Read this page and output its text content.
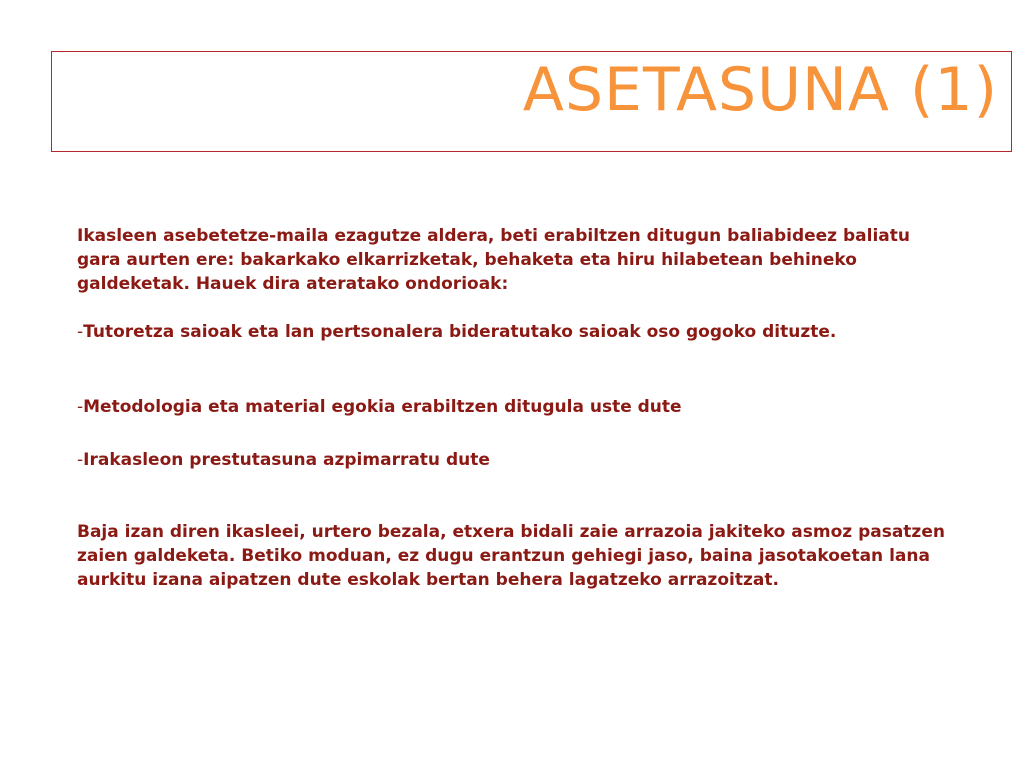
ASETASUNA (1)

Ikasleen asebetetze-maila ezagutze aldera, beti erabiltzen ditugun baliabideez baliatu gara aurten ere: bakarkako elkarrizketak, behaketa eta hiru hilabetean behineko galdeketak. Hauek dira ateratako ondorioak:

-Tutoretza saioak eta lan pertsonalera bideratutako saioak oso gogoko dituzte.

-Metodologia eta material egokia erabiltzen ditugula uste dute

-Irakasleon prestutasuna azpimarratu dute

Baja izan diren ikasleei, urtero bezala, etxera bidali zaie arrazoia jakiteko asmoz pasatzen zaien galdeketa. Betiko moduan, ez dugu erantzun gehiegi jaso, baina jasotakoetan lana aurkitu izana aipatzen dute eskolak bertan behera lagatzeko arrazoitzat.
